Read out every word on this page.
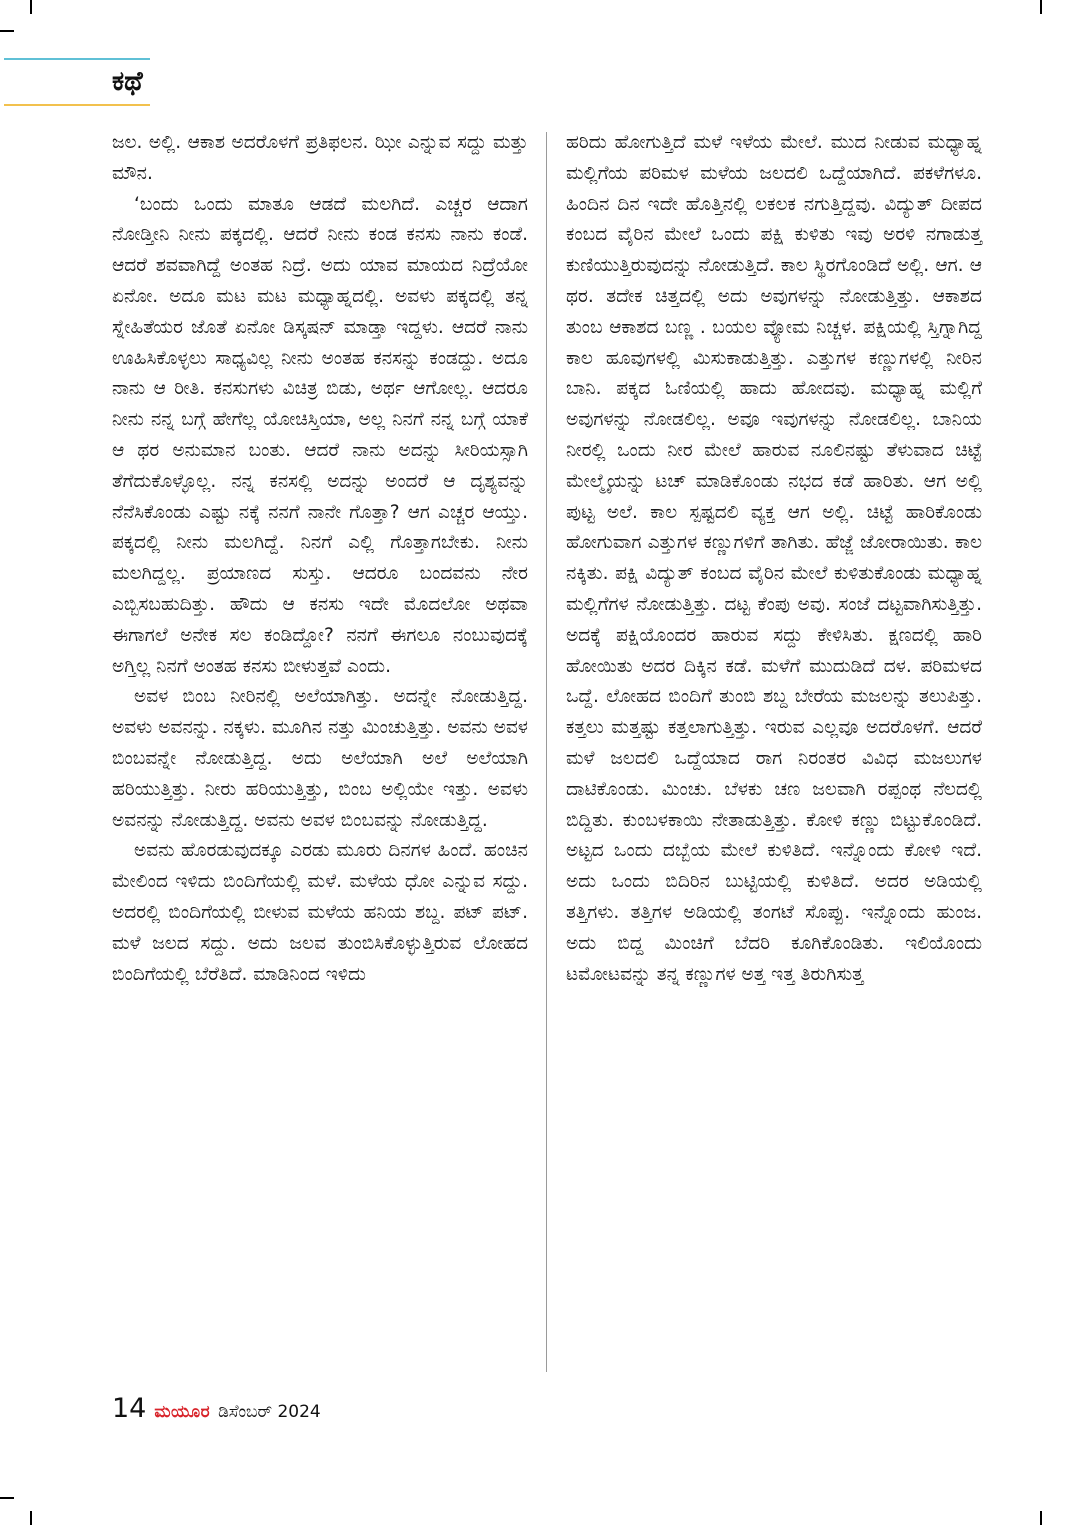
ಕಥೆ

ಜಲ. ಅಲ್ಲಿ. ಆಕಾಶ ಅದರೊಳಗೆ ಪ್ರತಿಫಲನ. ಝೀ ಎನ್ನುವ ಸದ್ದು ಮತ್ತು ಮೌನ.

‘ಬಂದು ಒಂದು ಮಾತೂ ಆಡದೆ ಮಲಗಿದೆ. ಎಚ್ಚರ ಆದಾಗ ನೋಡ್ತೀನಿ ನೀನು ಪಕ್ಕದಲ್ಲಿ. ಆದರೆ ನೀನು ಕಂಡ ಕನಸು ನಾನು ಕಂಡೆ. ಆದರೆ ಶವವಾಗಿದ್ದೆ ಅಂತಹ ನಿದ್ರೆ. ಅದು ಯಾವ ಮಾಯದ ನಿದ್ರೆಯೋ ಏನೋ. ಅದೂ ಮಟ ಮಟ ಮಧ್ಯಾಹ್ನದಲ್ಲಿ. ಅವಳು ಪಕ್ಕದಲ್ಲಿ ತನ್ನ ಸ್ನೇಹಿತೆಯರ ಜೊತೆ ಏನೋ ಡಿಸ್ಕಷನ್ ಮಾಡ್ತಾ ಇದ್ದಳು. ಆದರೆ ನಾನು ಊಹಿಸಿಕೊಳ್ಳಲು ಸಾಧ್ಯವಿಲ್ಲ ನೀನು ಅಂತಹ ಕನಸನ್ನು ಕಂಡದ್ದು. ಅದೂ ನಾನು ಆ ರೀತಿ. ಕನಸುಗಳು ವಿಚಿತ್ರ ಬಿಡು, ಅರ್ಥ ಆಗೋಲ್ಲ. ಆದರೂ ನೀನು ನನ್ನ ಬಗ್ಗೆ ಹೇಗೆಲ್ಲ ಯೋಚಿಸ್ತಿಯಾ, ಅಲ್ಲ ನಿನಗೆ ನನ್ನ ಬಗ್ಗೆ ಯಾಕೆ ಆ ಥರ ಅನುಮಾನ ಬಂತು. ಆದರೆ ನಾನು ಅದನ್ನು ಸೀರಿಯಸ್ಸಾಗಿ ತೆಗೆದುಕೊಳ್ಳೊಲ್ಲ. ನನ್ನ ಕನಸಲ್ಲಿ ಅದನ್ನು ಅಂದರೆ ಆ ದೃಶ್ಯವನ್ನು ನೆನೆಸಿಕೊಂಡು ಎಷ್ಟು ನಕ್ಕೆ ನನಗೆ ನಾನೇ ಗೊತ್ತಾ? ಆಗ ಎಚ್ಚರ ಆಯ್ತು. ಪಕ್ಕದಲ್ಲಿ ನೀನು ಮಲಗಿದ್ದೆ. ನಿನಗೆ ಎಲ್ಲಿ ಗೊತ್ತಾಗಬೇಕು. ನೀನು ಮಲಗಿದ್ದಲ್ಲ. ಪ್ರಯಾಣದ ಸುಸ್ತು. ಆದರೂ ಬಂದವನು ನೇರ ಎಬ್ಬಿಸಬಹುದಿತ್ತು. ಹೌದು ಆ ಕನಸು ಇದೇ ಮೊದಲೋ ಅಥವಾ ಈಗಾಗಲೆ ಅನೇಕ ಸಲ ಕಂಡಿದ್ದೋ? ನನಗೆ ಈಗಲೂ ನಂಬುವುದಕ್ಕೆ ಅಗ್ತಿಲ್ಲ ನಿನಗೆ ಅಂತಹ ಕನಸು ಬೀಳುತ್ತವೆ ಎಂದು.

ಅವಳ ಬಿಂಬ ನೀರಿನಲ್ಲಿ ಅಲೆಯಾಗಿತ್ತು. ಅದನ್ನೇ ನೋಡುತ್ತಿದ್ದ. ಅವಳು ಅವನನ್ನು. ನಕ್ಕಳು. ಮೂಗಿನ ನತ್ತು ಮಿಂಚುತ್ತಿತ್ತು. ಅವನು ಅವಳ ಬಿಂಬವನ್ನೇ ನೋಡುತ್ತಿದ್ದ. ಅದು ಅಲೆಯಾಗಿ ಅಲೆ ಅಲೆಯಾಗಿ ಹರಿಯುತ್ತಿತ್ತು. ನೀರು ಹರಿಯುತ್ತಿತ್ತು, ಬಿಂಬ ಅಲ್ಲಿಯೇ ಇತ್ತು. ಅವಳು ಅವನನ್ನು ನೋಡುತ್ತಿದ್ದ. ಅವನು ಅವಳ ಬಿಂಬವನ್ನು ನೋಡುತ್ತಿದ್ದ.

ಅವನು ಹೊರಡುವುದಕ್ಕೂ ಎರಡು ಮೂರು ದಿನಗಳ ಹಿಂದೆ. ಹಂಚಿನ ಮೇಲಿಂದ ಇಳಿದು ಬಿಂದಿಗೆಯಲ್ಲಿ ಮಳೆ. ಮಳೆಯ ಧೋ ಎನ್ನುವ ಸದ್ದು. ಅದರಲ್ಲಿ ಬಿಂದಿಗೆಯಲ್ಲಿ ಬೀಳುವ ಮಳೆಯ ಹನಿಯ ಶಬ್ದ. ಪಟ್ ಪಟ್. ಮಳೆ ಜಲದ ಸದ್ದು. ಅದು ಜಲವ ತುಂಬಿಸಿಕೊಳ್ಳುತ್ತಿರುವ ಲೋಹದ ಬಿಂದಿಗೆಯಲ್ಲಿ ಬೆರೆತಿದೆ. ಮಾಡಿನಿಂದ ಇಳಿದು

ಹರಿದು ಹೋಗುತ್ತಿದೆ ಮಳೆ ಇಳೆಯ ಮೇಲೆ. ಮುದ ನೀಡುವ ಮಧ್ಯಾಹ್ನ ಮಲ್ಲಿಗೆಯ ಪರಿಮಳ ಮಳೆಯ ಜಲದಲಿ ಒದ್ದೆಯಾಗಿದೆ. ಪಕಳೆಗಳೂ. ಹಿಂದಿನ ದಿನ ಇದೇ ಹೊತ್ತಿನಲ್ಲಿ ಲಕಲಕ ನಗುತ್ತಿದ್ದವು. ವಿದ್ಯುತ್ ದೀಪದ ಕಂಬದ ವೈರಿನ ಮೇಲೆ ಒಂದು ಪಕ್ಷಿ ಕುಳಿತು ಇವು ಅರಳಿ ನಗಾಡುತ್ತ ಕುಣಿಯುತ್ತಿರುವುದನ್ನು ನೋಡುತ್ತಿದೆ. ಕಾಲ ಸ್ಥಿರಗೊಂಡಿದೆ ಅಲ್ಲಿ. ಆಗ. ಆ ಥರ. ತದೇಕ ಚಿತ್ತದಲ್ಲಿ ಅದು ಅವುಗಳನ್ನು ನೋಡುತ್ತಿತ್ತು. ಆಕಾಶದ ತುಂಬ ಆಕಾಶದ ಬಣ್ಣ . ಬಯಲ ವ್ಯೋಮ ನಿಚ್ಚಳ. ಪಕ್ಷಿಯಲ್ಲಿ ಸ್ತಿಗ್ನಾಗಿದ್ದ ಕಾಲ ಹೂವುಗಳಲ್ಲಿ ಮಿಸುಕಾಡುತ್ತಿತ್ತು. ಎತ್ತುಗಳ ಕಣ್ಣುಗಳಲ್ಲಿ ನೀರಿನ ಬಾನಿ. ಪಕ್ಕದ ಓಣಿಯಲ್ಲಿ ಹಾದು ಹೋದವು. ಮಧ್ಯಾಹ್ನ ಮಲ್ಲಿಗೆ ಅವುಗಳನ್ನು ನೋಡಲಿಲ್ಲ. ಅವೂ ಇವುಗಳನ್ನು ನೋಡಲಿಲ್ಲ. ಬಾನಿಯ ನೀರಲ್ಲಿ ಒಂದು ನೀರ ಮೇಲೆ ಹಾರುವ ನೂಲಿನಷ್ಟು ತೆಳುವಾದ ಚಿಟ್ಟೆ ಮೇಲ್ಮೈಯನ್ನು ಟಚ್ ಮಾಡಿಕೊಂಡು ನಭದ ಕಡೆ ಹಾರಿತು. ಆಗ ಅಲ್ಲಿ ಪುಟ್ಟ ಅಲೆ. ಕಾಲ ಸ್ಪಷ್ಟದಲಿ ವ್ಯಕ್ತ ಆಗ ಅಲ್ಲಿ. ಚಿಟ್ಟೆ ಹಾರಿಕೊಂಡು ಹೋಗುವಾಗ ಎತ್ತುಗಳ ಕಣ್ಣುಗಳಿಗೆ ತಾಗಿತು. ಹೆಜ್ಜೆ ಜೋರಾಯಿತು. ಕಾಲ ನಕ್ಕಿತು. ಪಕ್ಷಿ ವಿದ್ಯುತ್ ಕಂಬದ ವೈರಿನ ಮೇಲೆ ಕುಳಿತುಕೊಂಡು ಮಧ್ಯಾಹ್ನ ಮಲ್ಲಿಗೆಗಳ ನೋಡುತ್ತಿತ್ತು. ದಟ್ಟ ಕೆಂಪು ಅವು. ಸಂಜೆ ದಟ್ಟವಾಗಿಸುತ್ತಿತ್ತು. ಅದಕ್ಕೆ ಪಕ್ಷಿಯೊಂದರ ಹಾರುವ ಸದ್ದು ಕೇಳಿಸಿತು. ಕ್ಷಣದಲ್ಲಿ ಹಾರಿ ಹೋಯಿತು ಅದರ ದಿಕ್ಕಿನ ಕಡೆ. ಮಳೆಗೆ ಮುದುಡಿದೆ ದಳ. ಪರಿಮಳದ ಒದ್ದೆ. ಲೋಹದ ಬಿಂದಿಗೆ ತುಂಬಿ ಶಬ್ದ ಬೇರೆಯ ಮಜಲನ್ನು ತಲುಪಿತ್ತು. ಕತ್ತಲು ಮತ್ತಷ್ಟು ಕತ್ತಲಾಗುತ್ತಿತ್ತು. ಇರುವ ಎಲ್ಲವೂ ಅದರೊಳಗೆ. ಆದರೆ ಮಳೆ ಜಲದಲಿ ಒದ್ದೆಯಾದ ರಾಗ ನಿರಂತರ ವಿವಿಧ ಮಜಲುಗಳ ದಾಟಿಕೊಂಡು. ಮಿಂಚು. ಬೆಳಕು ಚಣ ಜಲವಾಗಿ ರಪ್ಪಂಥ ನೆಲದಲ್ಲಿ ಬಿದ್ದಿತು. ಕುಂಬಳಕಾಯಿ ನೇತಾಡುತ್ತಿತ್ತು. ಕೋಳಿ ಕಣ್ಣು ಬಿಟ್ಟುಕೊಂಡಿದೆ. ಅಟ್ಟದ ಒಂದು ದಬ್ಬೆಯ ಮೇಲೆ ಕುಳಿತಿದೆ. ಇನ್ನೊಂದು ಕೋಳಿ ಇದೆ. ಅದು ಒಂದು ಬಿದಿರಿನ ಬುಟ್ಟಿಯಲ್ಲಿ ಕುಳಿತಿದೆ. ಅದರ ಅಡಿಯಲ್ಲಿ ತತ್ತಿಗಳು. ತತ್ತಿಗಳ ಅಡಿಯಲ್ಲಿ ತಂಗಟೆ ಸೊಪ್ಪು. ಇನ್ನೊಂದು ಹುಂಜ. ಅದು ಬಿದ್ದ ಮಿಂಚಿಗೆ ಬೆದರಿ ಕೂಗಿಕೊಂಡಿತು. ಇಲಿಯೊಂದು ಟಮೋಟವನ್ನು ತನ್ನ ಕಣ್ಣುಗಳ ಅತ್ತ ಇತ್ತ ತಿರುಗಿಸುತ್ತ

14 ಮಯೂರ ಡಿಸೆಂಬರ್ 2024
